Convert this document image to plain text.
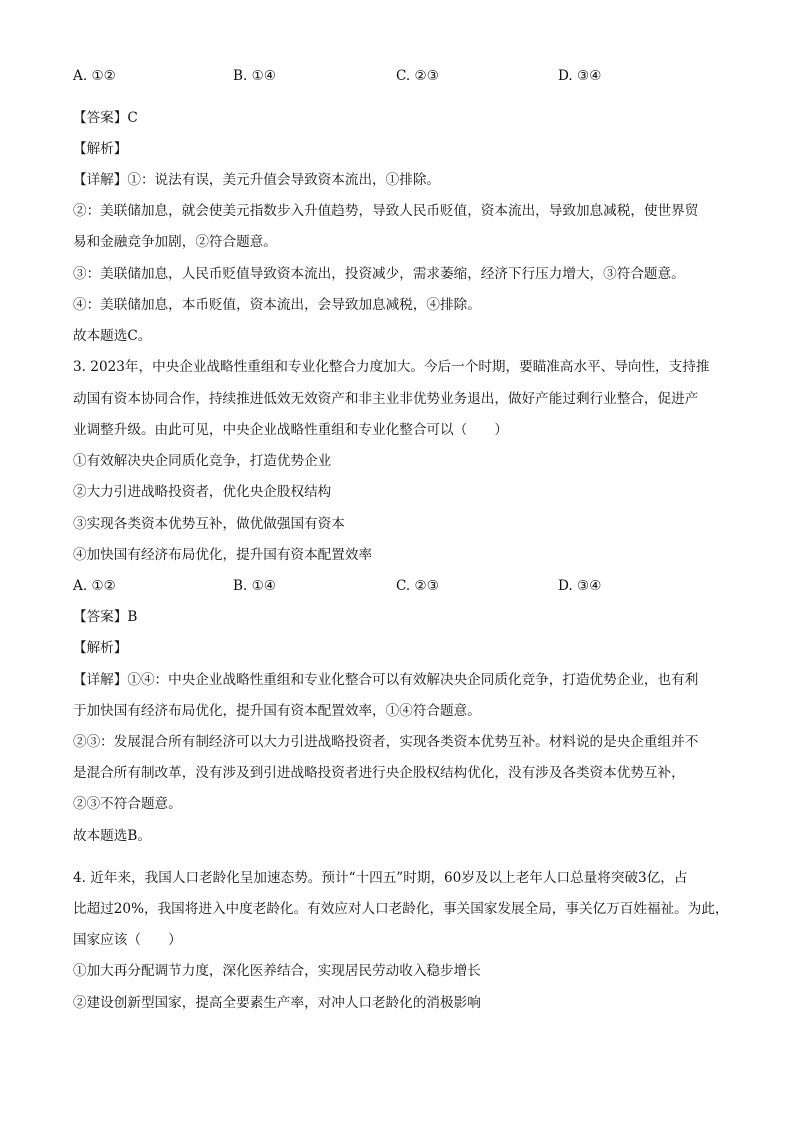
A. ①②	B. ①④	C. ②③	D. ③④
【答案】C
【解析】
【详解】①：说法有误，美元升值会导致资本流出，①排除。
②：美联储加息，就会使美元指数步入升值趋势，导致人民币贬值，资本流出，导致加息减税，使世界贸
易和金融竞争加剧，②符合题意。
③：美联储加息，人民币贬值导致资本流出，投资减少，需求萎缩，经济下行压力增大，③符合题意。
④：美联储加息，本币贬值，资本流出，会导致加息减税，④排除。
故本题选C。
3. 2023年，中央企业战略性重组和专业化整合力度加大。今后一个时期，要瞄准高水平、导向性，支持推
动国有资本协同合作，持续推进低效无效资产和非主业非优势业务退出，做好产能过剩行业整合，促进产
业调整升级。由此可见，中央企业战略性重组和专业化整合可以（　　）
①有效解决央企同质化竞争，打造优势企业
②大力引进战略投资者，优化央企股权结构
③实现各类资本优势互补，做优做强国有资本
④加快国有经济布局优化，提升国有资本配置效率
A. ①②	B. ①④	C. ②③	D. ③④
【答案】B
【解析】
【详解】①④：中央企业战略性重组和专业化整合可以有效解决央企同质化竞争，打造优势企业，也有利
于加快国有经济布局优化，提升国有资本配置效率，①④符合题意。
②③：发展混合所有制经济可以大力引进战略投资者，实现各类资本优势互补。材料说的是央企重组并不
是混合所有制改革，没有涉及到引进战略投资者进行央企股权结构优化，没有涉及各类资本优势互补，
②③不符合题意。
故本题选B。
4. 近年来，我国人口老龄化呈加速态势。预计“十四五”时期，60岁及以上老年人口总量将突破3亿，占
比超过20%，我国将进入中度老龄化。有效应对人口老龄化，事关国家发展全局，事关亿万百姓福祉。为此，
国家应该（　　）
①加大再分配调节力度，深化医养结合，实现居民劳动收入稳步增长
②建设创新型国家，提高全要素生产率，对冲人口老龄化的消极影响
